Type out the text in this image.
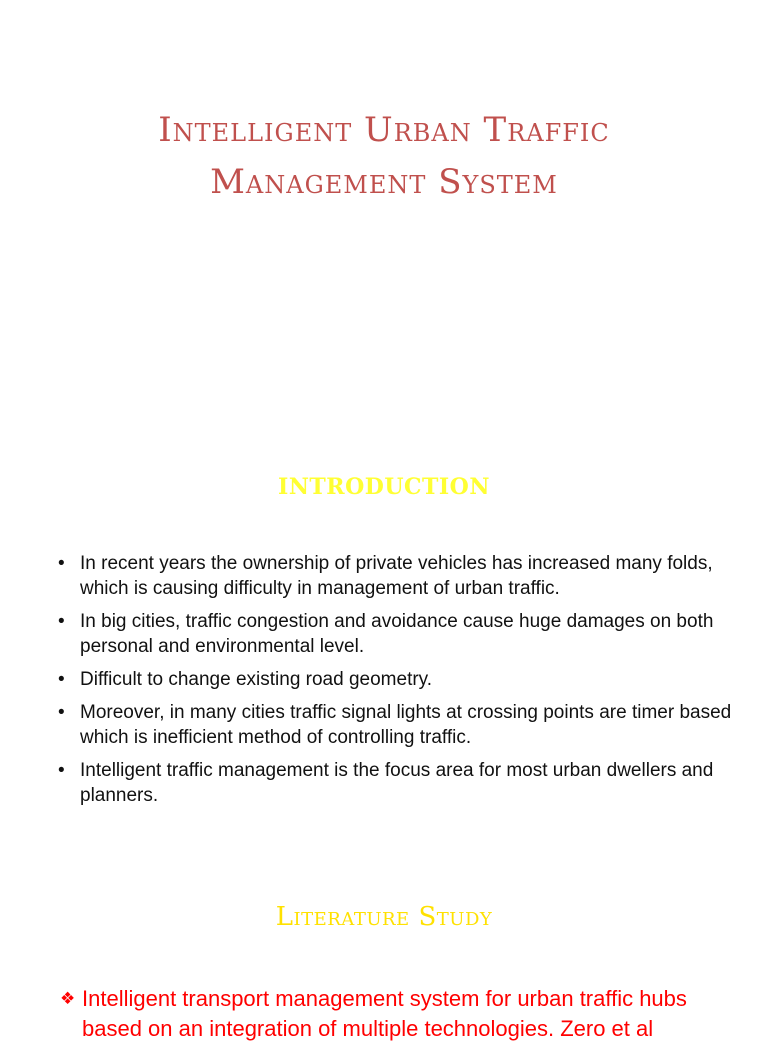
Intelligent Urban Traffic Management System
INTRODUCTION
• In recent years the ownership of private vehicles has increased many folds, which is causing difficulty in management of urban traffic.
• In big cities, traffic congestion and avoidance cause huge damages on both personal and environmental level.
• Difficult to change existing road geometry.
• Moreover, in many cities traffic signal lights at crossing points are timer based which is inefficient method of controlling traffic.
• Intelligent traffic management is the focus area for most urban dwellers and planners.
Literature Study
❖ Intelligent transport management system for urban traffic hubs
based on an integration of multiple technologies. Zero et al
